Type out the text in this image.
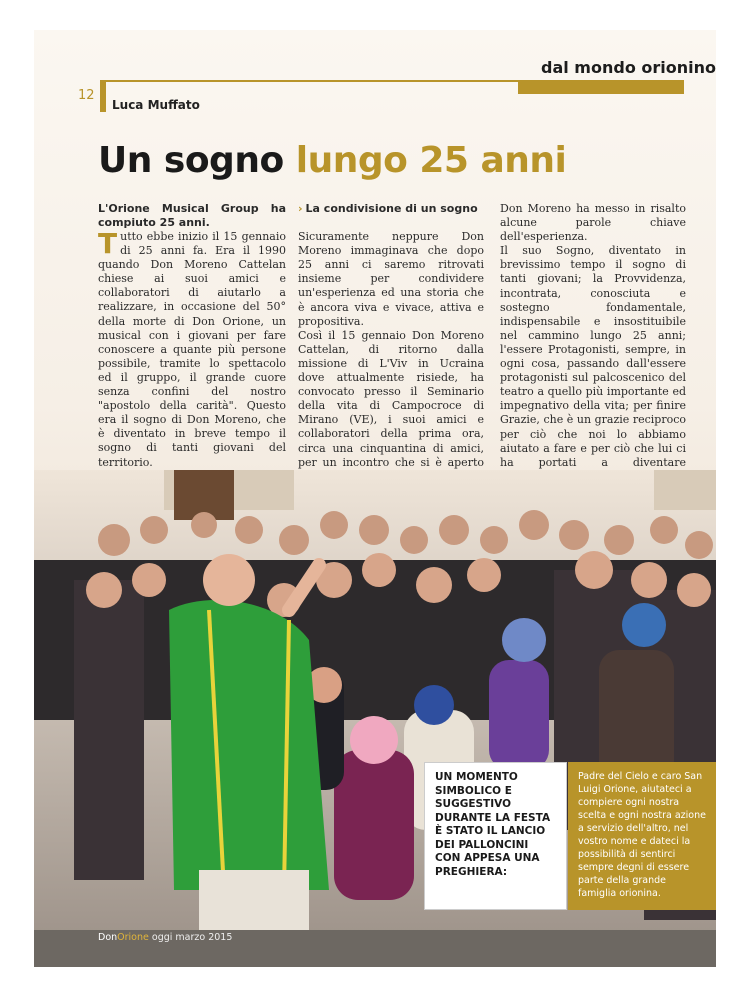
dal mondo orionino
12
Luca Muffato
Un sogno lungo 25 anni

L'Orione Musical Group ha compiuto 25 anni.

Tutto ebbe inizio il 15 gennaio di 25 anni fa. Era il 1990 quando Don Moreno Cattelan chiese ai suoi amici e collaboratori di aiutarlo a realizzare, in occasione del 50° della morte di Don Orione, un musical con i giovani per fare conoscere a quante più persone possibile, tramite lo spettacolo ed il gruppo, il grande cuore senza confini del nostro "apostolo della carità". Questo era il sogno di Don Moreno, che è diventato in breve tempo il sogno di tanti giovani del territorio.

› La condivisione di un sogno

Sicuramente neppure Don Moreno immaginava che dopo 25 anni ci saremo ritrovati insieme per condividere un'esperienza ed una storia che è ancora viva e vivace, attiva e propositiva.

Così il 15 gennaio Don Moreno Cattelan, di ritorno dalla missione di L'Viv in Ucraina dove attualmente risiede, ha convocato presso il Seminario della vita di Campocroce di Mirano (VE), i suoi amici e collaboratori della prima ora, circa una cinquantina di amici, per un incontro che si è aperto

Don Moreno ha messo in risalto alcune parole chiave dell'esperienza.

Il suo Sogno, diventato in brevissimo tempo il sogno di tanti giovani; la Provvidenza, incontrata, conosciuta e sostegno fondamentale, indispensabile e insostituibile nel cammino lungo 25 anni; l'essere Protagonisti, sempre, in ogni cosa, passando dall'essere protagonisti sul palcoscenico del teatro a quello più importante ed impegnativo della vita; per finire Grazie, che è un grazie reciproco per ciò che noi lo abbiamo aiutato a fare e per ciò che lui ci ha portati a diventare

UN MOMENTO SIMBOLICO E SUGGESTIVO DURANTE LA FESTA È STATO IL LANCIO DEI PALLONCINI CON APPESA UNA PREGHIERA:
Padre del Cielo e caro San Luigi Orione, aiutateci a compiere ogni nostra scelta e ogni nostra azione a servizio dell'altro, nel vostro nome e dateci la possibilità di sentirci sempre degni di essere parte della grande famiglia orionina.
DonOrione oggi marzo 2015
